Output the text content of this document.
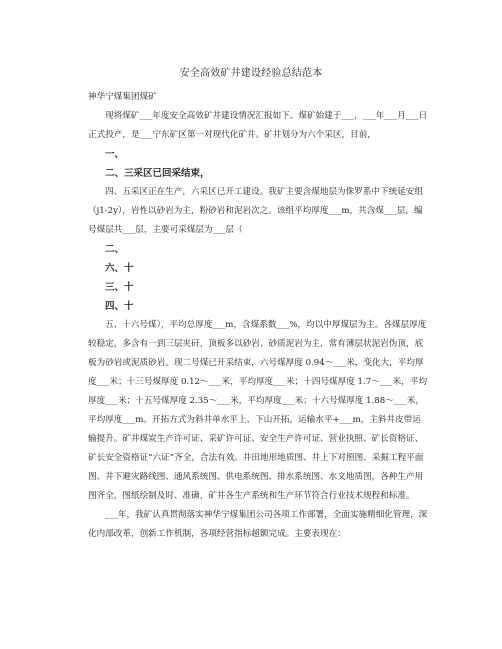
安全高效矿井建设经验总结范本

神华宁煤集团煤矿

现将煤矿___年度安全高效矿井建设情况汇报如下。煤矿始建于___，___年___月___日正式投产，是___宁东矿区第一对现代化矿井。矿井划分为六个采区，目前，

一、

二、三采区已回采结束，

四、五采区正在生产，六采区已开工建设。我矿主要含煤地层为侏罗系中下统延安组（j1-2y），岩性以砂岩为主，粉砂岩和泥岩次之。该组平均厚度___m，共含煤___层，编号煤层共___层，主要可采煤层为___层（

二、

六、十

三、十

四、十

五、十六号煤），平均总厚度___m，含煤系数___%，均以中厚煤层为主。各煤层厚度较稳定，多含有一到三层夹矸，顶板多以砂岩、砂质泥岩为主，常有薄层状泥岩伪顶，底板为砂岩或泥质砂岩。现二号煤已开采结束，六号煤厚度 0.94～___米，变化大，平均厚度___米；十三号煤厚度 0.12～___米，平均厚度___米；十四号煤厚度 1.7～___米，平均厚度___米；十五号煤厚度 2.35～___米，平均厚度___米；十六号煤厚度 1.88～___米，平均厚度___m。开拓方式为斜井单水平上、下山开拓，运输水平+___m，主斜井皮带运输提升。矿井煤炭生产许可证、采矿许可证、安全生产许可证、营业执照、矿长资格证、矿长安全资格证“六证”齐全，合法有效。井田地形地质图、井上下对照图、采掘工程平面图、井下避灾路线图、通风系统图、供电系统图、排水系统图、水文地质图，各种生产用图齐全，图纸绘制及时、准确，矿井各生产系统和生产环节符合行业技术规程和标准。

___年，我矿认真贯彻落实神华宁煤集团公司各项工作部署，全面实施精细化管理，深化内部改革，创新工作机制，各项经营指标超额完成。主要表现在：
